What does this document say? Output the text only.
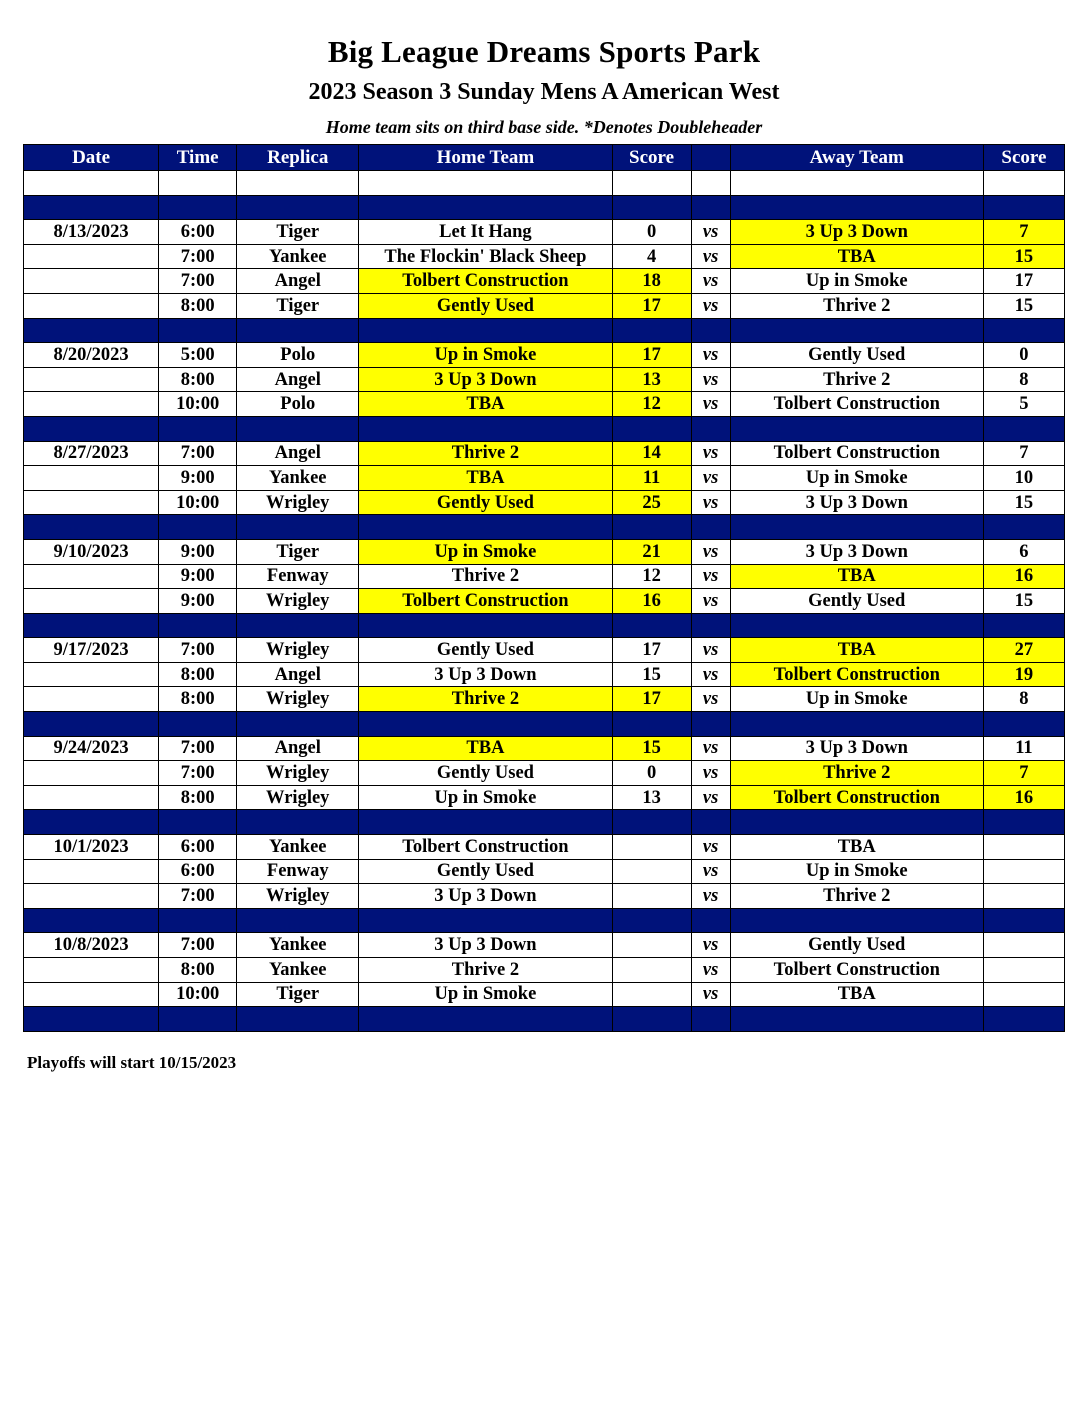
Big League Dreams Sports Park
2023 Season 3 Sunday Mens A American West
Home team sits on third base side. *Denotes Doubleheader
Date	Time	Replica	Home Team	Score		Away Team	Score

8/13/2023	6:00	Tiger	Let It Hang	0	vs	3 Up 3 Down	7
	7:00	Yankee	The Flockin' Black Sheep	4	vs	TBA	15
	7:00	Angel	Tolbert Construction	18	vs	Up in Smoke	17
	8:00	Tiger	Gently Used	17	vs	Thrive 2	15

8/20/2023	5:00	Polo	Up in Smoke	17	vs	Gently Used	0
	8:00	Angel	3 Up 3 Down	13	vs	Thrive 2	8
	10:00	Polo	TBA	12	vs	Tolbert Construction	5

8/27/2023	7:00	Angel	Thrive 2	14	vs	Tolbert Construction	7
	9:00	Yankee	TBA	11	vs	Up in Smoke	10
	10:00	Wrigley	Gently Used	25	vs	3 Up 3 Down	15

9/10/2023	9:00	Tiger	Up in Smoke	21	vs	3 Up 3 Down	6
	9:00	Fenway	Thrive 2	12	vs	TBA	16
	9:00	Wrigley	Tolbert Construction	16	vs	Gently Used	15

9/17/2023	7:00	Wrigley	Gently Used	17	vs	TBA	27
	8:00	Angel	3 Up 3 Down	15	vs	Tolbert Construction	19
	8:00	Wrigley	Thrive 2	17	vs	Up in Smoke	8

9/24/2023	7:00	Angel	TBA	15	vs	3 Up 3 Down	11
	7:00	Wrigley	Gently Used	0	vs	Thrive 2	7
	8:00	Wrigley	Up in Smoke	13	vs	Tolbert Construction	16

10/1/2023	6:00	Yankee	Tolbert Construction		vs	TBA	
	6:00	Fenway	Gently Used		vs	Up in Smoke	
	7:00	Wrigley	3 Up 3 Down		vs	Thrive 2	

10/8/2023	7:00	Yankee	3 Up 3 Down		vs	Gently Used	
	8:00	Yankee	Thrive 2		vs	Tolbert Construction	
	10:00	Tiger	Up in Smoke		vs	TBA	

Playoffs will start 10/15/2023
